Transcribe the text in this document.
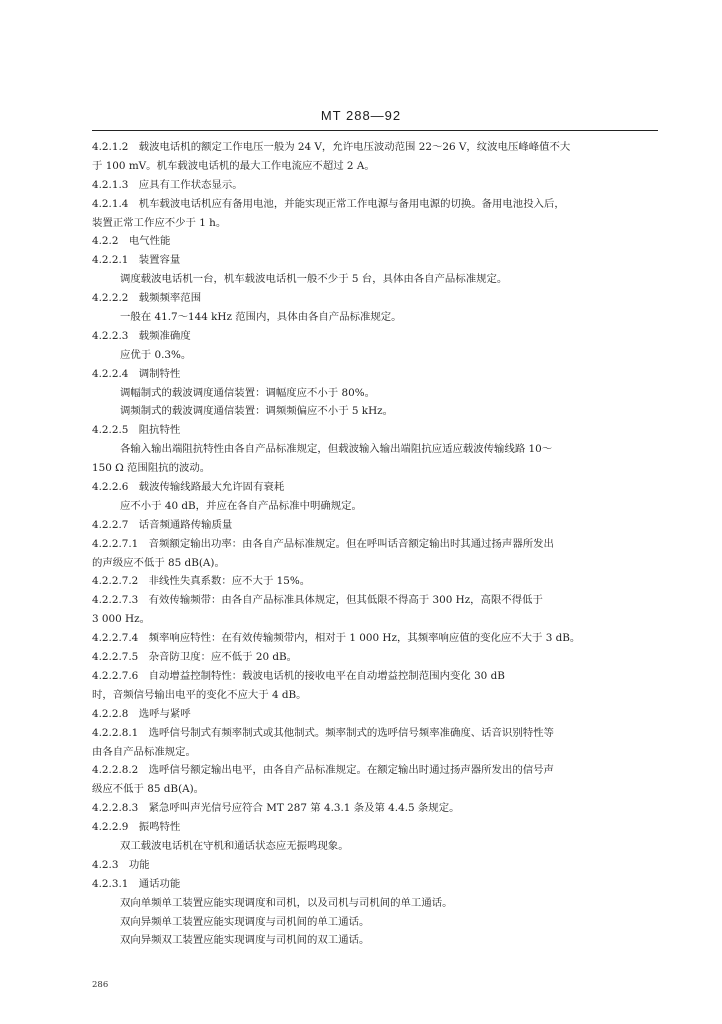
MT 288—92
4.2.1.2　载波电话机的额定工作电压一般为 24 V，允许电压波动范围 22～26 V，纹波电压峰峰值不大
于 100 mV。机车载波电话机的最大工作电流应不超过 2 A。
4.2.1.3　应具有工作状态显示。
4.2.1.4　机车载波电话机应有备用电池，并能实现正常工作电源与备用电源的切换。备用电池投入后，
装置正常工作应不少于 1 h。
4.2.2　电气性能
4.2.2.1　装置容量
调度载波电话机一台，机车载波电话机一般不少于 5 台，具体由各自产品标准规定。
4.2.2.2　载频频率范围
一般在 41.7～144 kHz 范围内，具体由各自产品标准规定。
4.2.2.3　载频准确度
应优于 0.3%。
4.2.2.4　调制特性
调幅制式的载波调度通信装置：调幅度应不小于 80%。
调频制式的载波调度通信装置：调频频偏应不小于 5 kHz。
4.2.2.5　阻抗特性
各输入输出端阻抗特性由各自产品标准规定，但载波输入输出端阻抗应适应载波传输线路 10～
150 Ω 范围阻抗的波动。
4.2.2.6　载波传输线路最大允许固有衰耗
应不小于 40 dB，并应在各自产品标准中明确规定。
4.2.2.7　话音频通路传输质量
4.2.2.7.1　音频额定输出功率：由各自产品标准规定。但在呼叫话音额定输出时其通过扬声器所发出
的声级应不低于 85 dB(A)。
4.2.2.7.2　非线性失真系数：应不大于 15%。
4.2.2.7.3　有效传输频带：由各自产品标准具体规定，但其低限不得高于 300 Hz，高限不得低于
3 000 Hz。
4.2.2.7.4　频率响应特性：在有效传输频带内，相对于 1 000 Hz，其频率响应值的变化应不大于 3 dB。
4.2.2.7.5　杂音防卫度：应不低于 20 dB。
4.2.2.7.6　自动增益控制特性：载波电话机的接收电平在自动增益控制范围内变化 30 dB
时，音频信号输出电平的变化不应大于 4 dB。
4.2.2.8　选呼与紧呼
4.2.2.8.1　选呼信号制式有频率制式或其他制式。频率制式的选呼信号频率准确度、话音识别特性等
由各自产品标准规定。
4.2.2.8.2　选呼信号额定输出电平，由各自产品标准规定。在额定输出时通过扬声器所发出的信号声
级应不低于 85 dB(A)。
4.2.2.8.3　紧急呼叫声光信号应符合 MT 287 第 4.3.1 条及第 4.4.5 条规定。
4.2.2.9　振鸣特性
双工载波电话机在守机和通话状态应无振鸣现象。
4.2.3　功能
4.2.3.1　通话功能
双向单频单工装置应能实现调度和司机，以及司机与司机间的单工通话。
双向异频单工装置应能实现调度与司机间的单工通话。
双向异频双工装置应能实现调度与司机间的双工通话。
286
